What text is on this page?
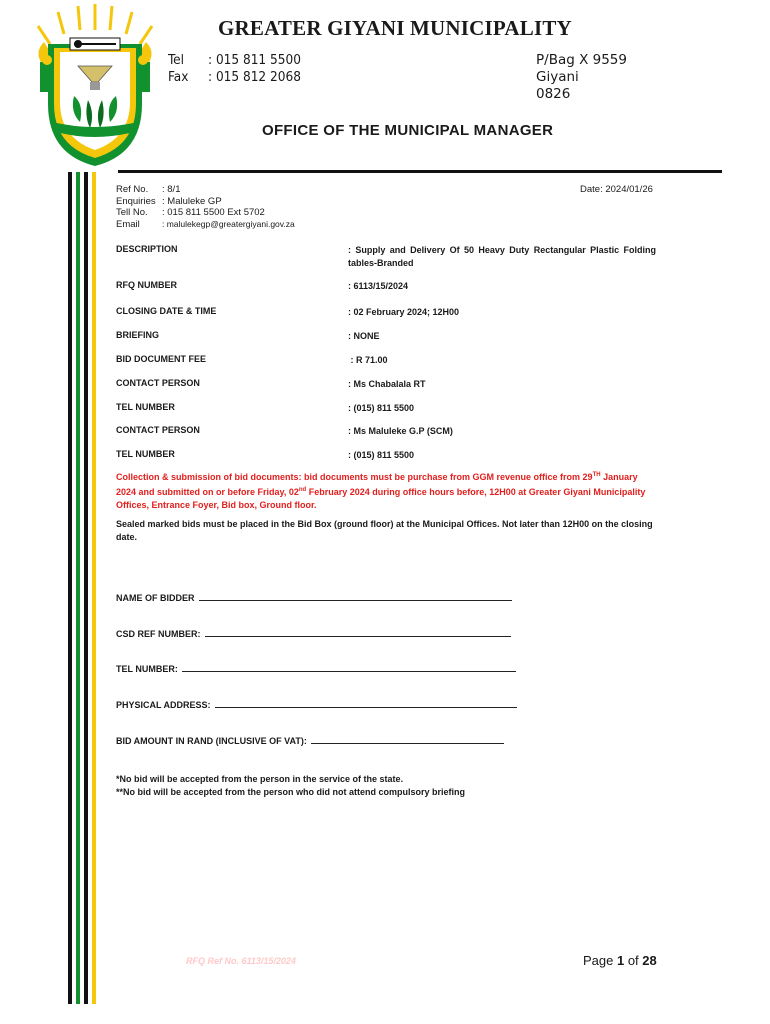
GREATER GIYANI MUNICIPALITY
Tel	: 015 811 5500
Fax	: 015 812 2068
P/Bag X 9559
Giyani
0826
OFFICE OF THE MUNICIPAL MANAGER
Ref No.	: 8/1
Enquiries : Maluleke GP
Tell No.	: 015 811 5500 Ext 5702
Email	: malulekegp@greatergiyani.gov.za
Date: 2024/01/26
DESCRIPTION	: Supply and Delivery Of 50 Heavy Duty Rectangular Plastic Folding tables-Branded
RFQ NUMBER	: 6113/15/2024
CLOSING DATE & TIME	: 02 February 2024; 12H00
BRIEFING	: NONE
BID DOCUMENT FEE	: R 71.00
CONTACT PERSON	: Ms Chabalala RT
TEL NUMBER	: (015) 811 5500
CONTACT PERSON	: Ms Maluleke G.P (SCM)
TEL NUMBER	: (015) 811 5500
Collection & submission of bid documents: bid documents must be purchase from GGM revenue office from 29TH January 2024 and submitted on or before Friday, 02nd February 2024 during office hours before, 12H00 at Greater Giyani Municipality Offices, Entrance Foyer, Bid box, Ground floor.
Sealed marked bids must be placed in the Bid Box (ground floor) at the Municipal Offices. Not later than 12H00 on the closing date.
NAME OF BIDDER
CSD REF NUMBER:
TEL NUMBER:
PHYSICAL ADDRESS:
BID AMOUNT IN RAND (INCLUSIVE OF VAT):
*No bid will be accepted from the person in the service of the state.
**No bid will be accepted from the person who did not attend compulsory briefing
RFQ Ref No. 6113/15/2024	Page 1 of 28
